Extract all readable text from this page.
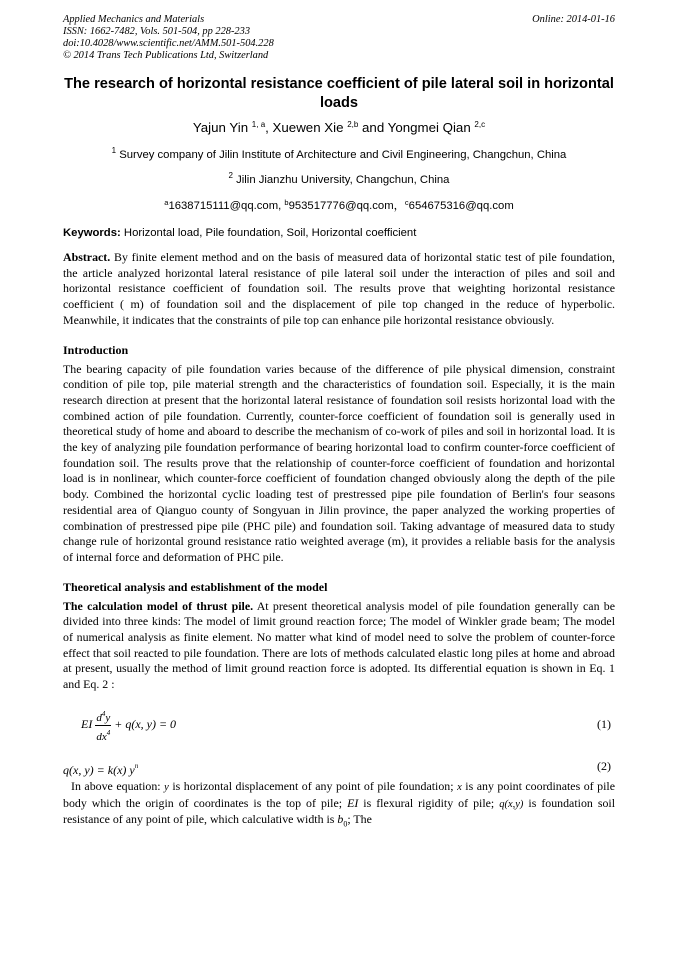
Applied Mechanics and Materials
ISSN: 1662-7482, Vols. 501-504, pp 228-233
doi:10.4028/www.scientific.net/AMM.501-504.228
© 2014 Trans Tech Publications Ltd, Switzerland
Online: 2014-01-16
The research of horizontal resistance coefficient of pile lateral soil in horizontal loads
Yajun Yin $^{1, a}$, Xuewen Xie $^{2,b}$ and Yongmei Qian $^{2,c}$
$^1$ Survey company of Jilin Institute of Architecture and Civil Engineering, Changchun, China
$^2$ Jilin Jianzhu University, Changchun, China
$^a$1638715111@qq.com, $^b$953517776@qq.com，$^c$654675316@qq.com
Keywords: Horizontal load, Pile foundation, Soil, Horizontal coefficient
Abstract. By finite element method and on the basis of measured data of horizontal static test of pile foundation, the article analyzed horizontal lateral resistance of pile lateral soil under the interaction of piles and soil and horizontal resistance coefficient of foundation soil. The results prove that weighting horizontal resistance coefficient ( m) of foundation soil and the displacement of pile top changed in the reduce of hyperbolic. Meanwhile, it indicates that the constraints of pile top can enhance pile horizontal resistance obviously.
Introduction
The bearing capacity of pile foundation varies because of the difference of pile physical dimension, constraint condition of pile top, pile material strength and the characteristics of foundation soil. Especially, it is the main research direction at present that the horizontal lateral resistance of foundation soil resists horizontal load with the combined action of pile foundation. Currently, counter-force coefficient of foundation soil is generally used in theoretical study of home and aboard to describe the mechanism of co-work of piles and soil in horizontal load. It is the key of analyzing pile foundation performance of bearing horizontal load to confirm counter-force coefficient of foundation soil. The results prove that the relationship of counter-force coefficient of foundation and horizontal load is in nonlinear, which counter-force coefficient of foundation changed obviously along the depth of the pile body. Combined the horizontal cyclic loading test of prestressed pipe pile foundation of Berlin's four seasons residential area of Qianguo county of Songyuan in Jilin province, the paper analyzed the working properties of combination of prestressed pipe pile (PHC pile) and foundation soil. Taking advantage of measured data to study change rule of horizontal ground resistance ratio weighted average (m), it provides a reliable basis for the analysis of internal force and deformation of PHC pile.
Theoretical analysis and establishment of the model
The calculation model of thrust pile. At present theoretical analysis model of pile foundation generally can be divided into three kinds: The model of limit ground reaction force; The model of Winkler grade beam; The model of numerical analysis as finite element. No matter what kind of model need to solve the problem of counter-force effect that soil reacted to pile foundation. There are lots of methods calculated elastic long piles at home and abroad at present, usually the method of limit ground reaction force is adopted. Its differential equation is shown in Eq. 1 and Eq. 2 :
EI $\frac{d^4y}{dx^4} + q(x$, y) = 0	(1)
q(x, y) = k(x) $y^n$	(2)
In above equation: y is horizontal displacement of any point of pile foundation; x is any point coordinates of pile body which the origin of coordinates is the top of pile; EI is flexural rigidity of pile; q(x,y) is foundation soil resistance of any point of pile, which calculative width is $b_0$; The
